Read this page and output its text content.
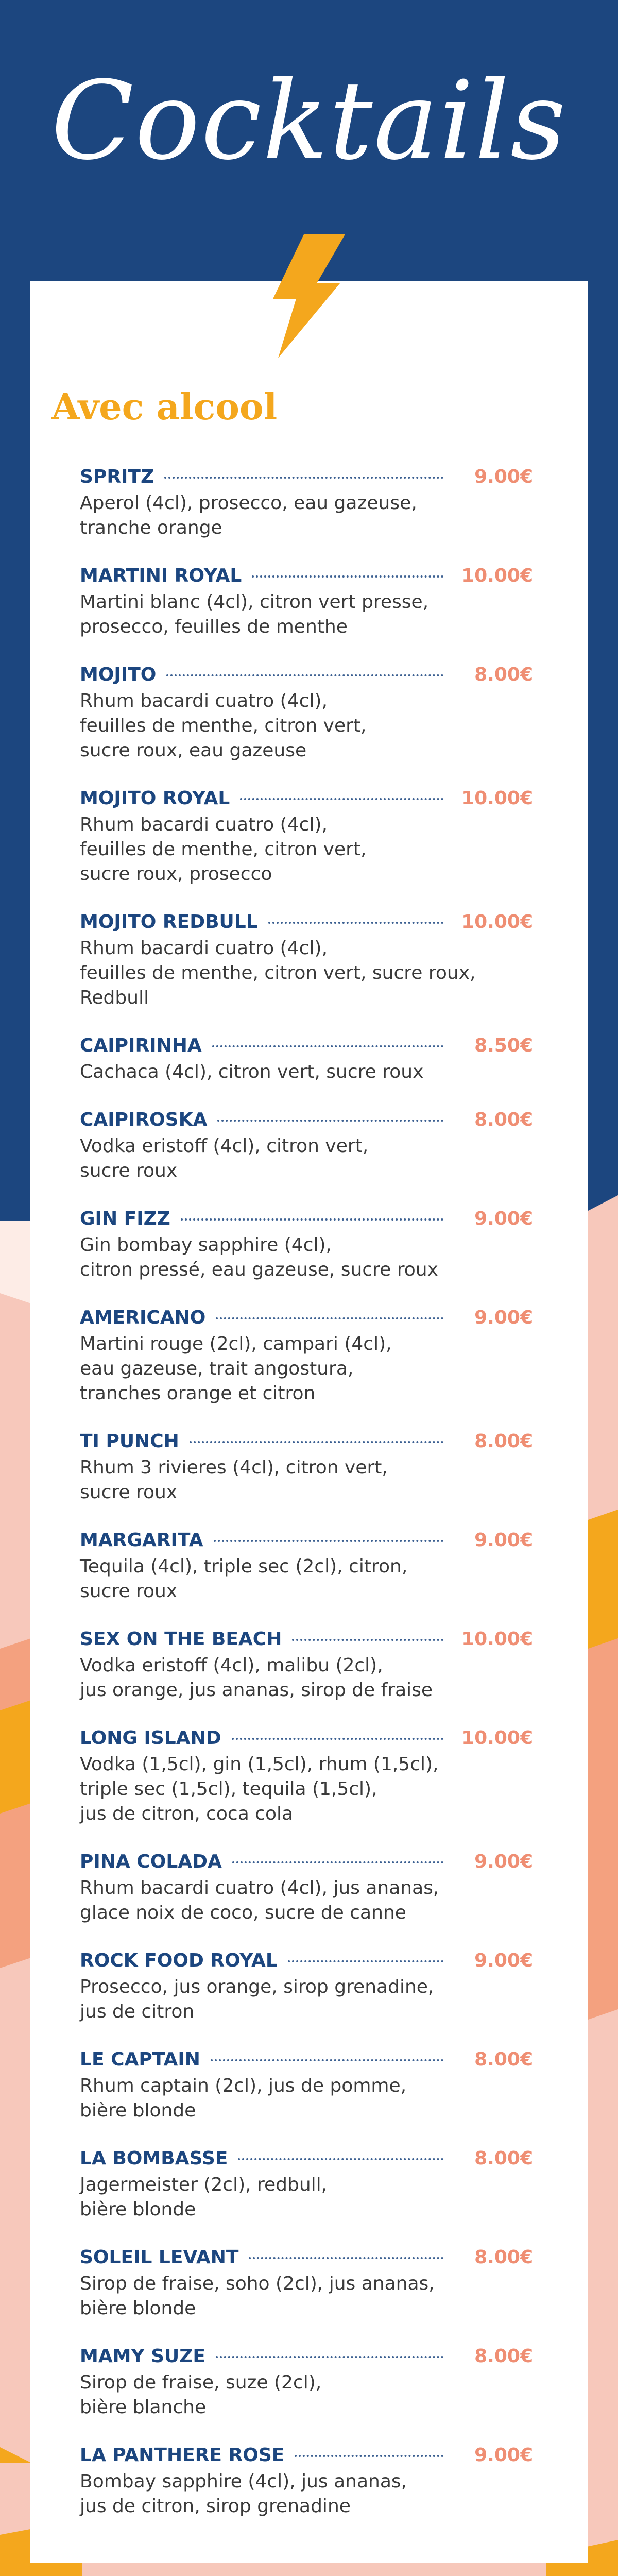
Cocktails
Avec alcool
SPRITZ	9.00€
Aperol (4cl), prosecco, eau gazeuse,
tranche orange
MARTINI ROYAL	10.00€
Martini blanc (4cl), citron vert presse,
prosecco, feuilles de menthe
MOJITO	8.00€
Rhum bacardi cuatro (4cl),
feuilles de menthe, citron vert,
sucre roux, eau gazeuse
MOJITO ROYAL	10.00€
Rhum bacardi cuatro (4cl),
feuilles de menthe, citron vert,
sucre roux, prosecco
MOJITO REDBULL	10.00€
Rhum bacardi cuatro (4cl),
feuilles de menthe, citron vert, sucre roux,
Redbull
CAIPIRINHA	8.50€
Cachaca (4cl), citron vert, sucre roux
CAIPIROSKA	8.00€
Vodka eristoff (4cl), citron vert,
sucre roux
GIN FIZZ	9.00€
Gin bombay sapphire (4cl),
citron pressé, eau gazeuse, sucre roux
AMERICANO	9.00€
Martini rouge (2cl), campari (4cl),
eau gazeuse, trait angostura,
tranches orange et citron
TI PUNCH	8.00€
Rhum 3 rivieres (4cl), citron vert,
sucre roux
MARGARITA	9.00€
Tequila (4cl), triple sec (2cl), citron,
sucre roux
SEX ON THE BEACH	10.00€
Vodka eristoff (4cl), malibu (2cl),
jus orange, jus ananas, sirop de fraise
LONG ISLAND	10.00€
Vodka (1,5cl), gin (1,5cl), rhum (1,5cl),
triple sec (1,5cl), tequila (1,5cl),
jus de citron, coca cola
PINA COLADA	9.00€
Rhum bacardi cuatro (4cl), jus ananas,
glace noix de coco, sucre de canne
ROCK FOOD ROYAL	9.00€
Prosecco, jus orange, sirop grenadine,
jus de citron
LE CAPTAIN	8.00€
Rhum captain (2cl), jus de pomme,
bière blonde
LA BOMBASSE	8.00€
Jagermeister (2cl), redbull,
bière blonde
SOLEIL LEVANT	8.00€
Sirop de fraise, soho (2cl), jus ananas,
bière blonde
MAMY SUZE	8.00€
Sirop de fraise, suze (2cl),
bière blanche
LA PANTHERE ROSE	9.00€
Bombay sapphire (4cl), jus ananas,
jus de citron, sirop grenadine
